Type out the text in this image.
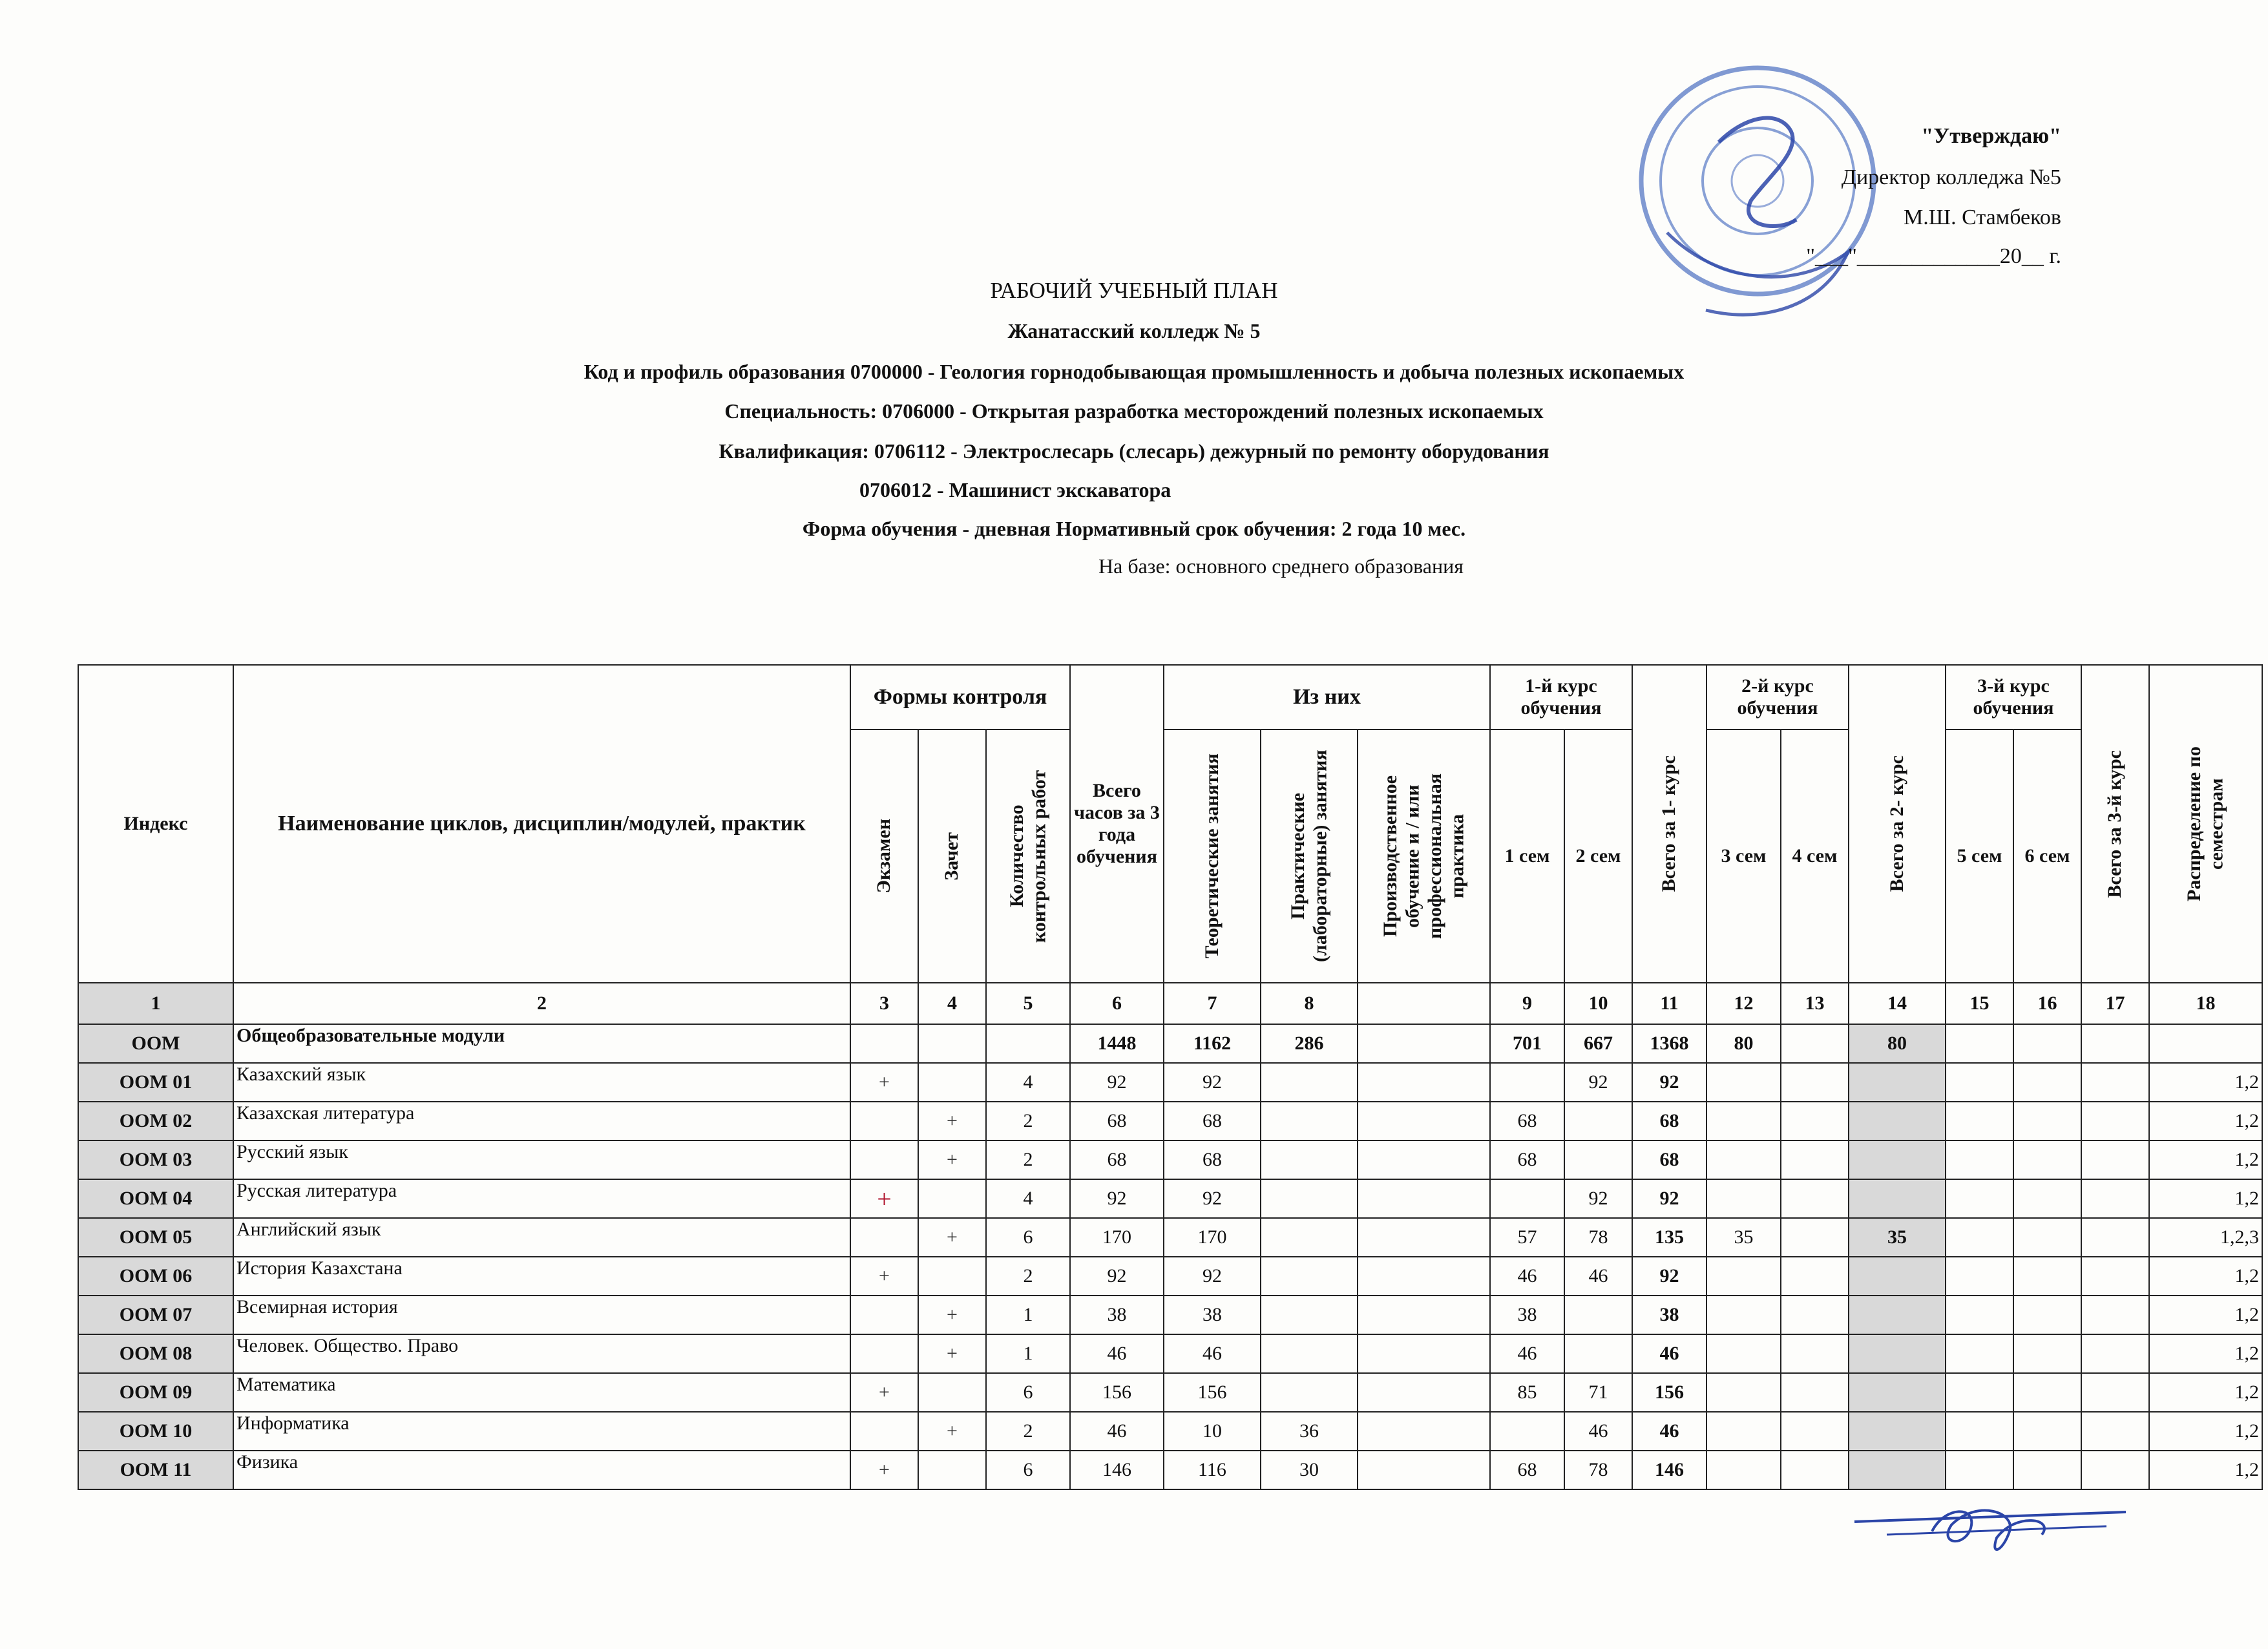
"Утверждаю"
Директор колледжа №5
М.Ш. Стамбеков
"___"_____________20__ г.
РАБОЧИЙ УЧЕБНЫЙ ПЛАН
Жанатасский колледж № 5
Код и профиль образования 0700000 - Геология горнодобывающая промышленность и добыча полезных ископаемых
Специальность: 0706000 - Открытая разработка месторождений полезных ископаемых
Квалификация: 0706112 - Электрослесарь (слесарь) дежурный по ремонту оборудования
0706012 - Машинист экскаватора
Форма обучения - дневная Нормативный срок обучения: 2 года 10 мес.
На базе: основного среднего образования
Индекс	Наименование циклов, дисциплин/модулей, практик	Формы контроля			Всего часов за 3 года обучения	Из них			1-й курс обучения		Всего за 1- курс	2-й курс обучения		Всего за 2- курс	3-й курс обучения		Всего за 3-й курс	Распределение по семестрам

		Экзамен	Зачет	Количество контрольных работ		Теоретические занятия	Практические (лабораторные) занятия	Производственное обучение и / или профессиональная практика	1 сем	2 сем		3 сем	4 сем		5 сем	6 сем		
1	2	3	4	5	6	7	8		9	10	11	12	13	14	15	16	17	18
ООМ	Общеобразовательные модули				1448	1162	286		701	667	1368	80		80				
ООМ 01	Казахский язык	+		4	92	92				92	92							1,2
ООМ 02	Казахская литература		+	2	68	68			68		68							1,2
ООМ 03	Русский язык		+	2	68	68			68		68							1,2
ООМ 04	Русская литература	+		4	92	92				92	92							1,2
ООМ 05	Английский язык		+	6	170	170			57	78	135	35		35				1,2,3
ООМ 06	История Казахстана	+		2	92	92			46	46	92							1,2
ООМ 07	Всемирная история		+	1	38	38			38		38							1,2
ООМ 08	Человек. Общество. Право		+	1	46	46			46		46							1,2
ООМ 09	Математика	+		6	156	156			85	71	156							1,2
ООМ 10	Информатика		+	2	46	10	36			46	46							1,2
ООМ 11	Физика	+		6	146	116	30		68	78	146							1,2
